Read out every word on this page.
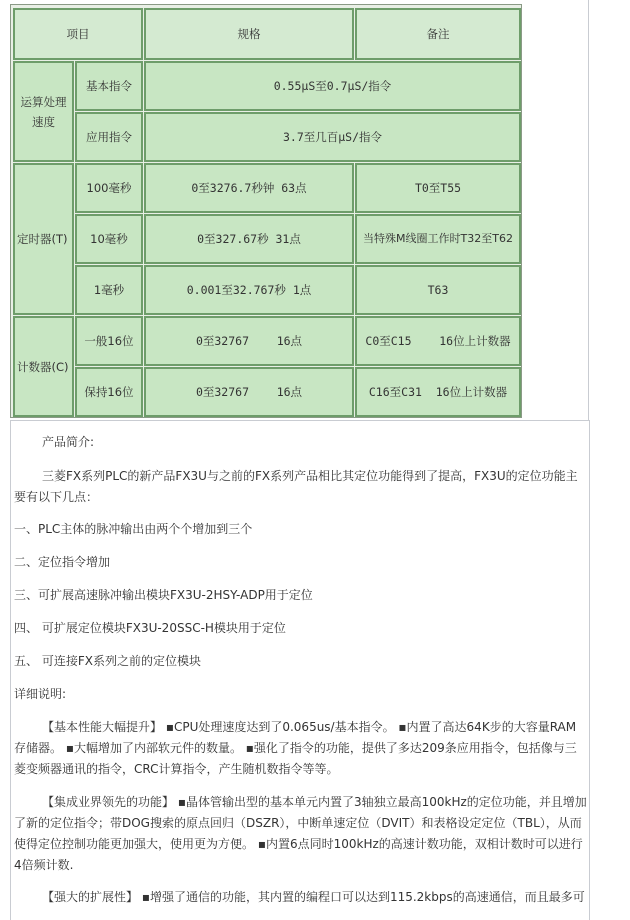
项目	规格	备注
运算处理速度
基本指令	0.55μS至0.7μS/指令
应用指令	3.7至几百μS/指令
定时器(T)
100毫秒	0至3276.7秒钟 63点	T0至T55
10毫秒	0至327.67秒 31点	当特殊M线圈工作时T32至T62
1毫秒	0.001至32.767秒 1点	T63
计数器(C)
一般16位	0至32767    16点	C0至C15    16位上计数器
保持16位	0至32767    16点	C16至C31  16位上计数器
产品简介:
三菱FX系列PLC的新产品FX3U与之前的FX系列产品相比其定位功能得到了提高，FX3U的定位功能主要有以下几点：
一、PLC主体的脉冲输出由两个个增加到三个
二、定位指令增加
三、可扩展高速脉冲输出模块FX3U-2HSY-ADP用于定位
四、 可扩展定位模块FX3U-20SSC-H模块用于定位
五、 可连接FX系列之前的定位模块
详细说明:
【基本性能大幅提升】 ▪CPU处理速度达到了0.065us/基本指令。 ▪内置了高达64K步的大容量RAM存储器。 ▪大幅增加了内部软元件的数量。 ▪强化了指令的功能，提供了多达209条应用指令，包括像与三菱变频器通讯的指令，CRC计算指令，产生随机数指令等等。
【集成业界领先的功能】 ▪晶体管输出型的基本单元内置了3轴独立最高100kHz的定位功能，并且增加了新的定位指令；带DOG搜索的原点回归（DSZR），中断单速定位（DVIT）和表格设定定位（TBL），从而使得定位控制功能更加强大，使用更为方便。 ▪内置6点同时100kHz的高速计数功能，双相计数时可以进行4倍频计数.
【强大的扩展性】 ▪增强了通信的功能，其内置的编程口可以达到115.2kbps的高速通信，而且最多可
